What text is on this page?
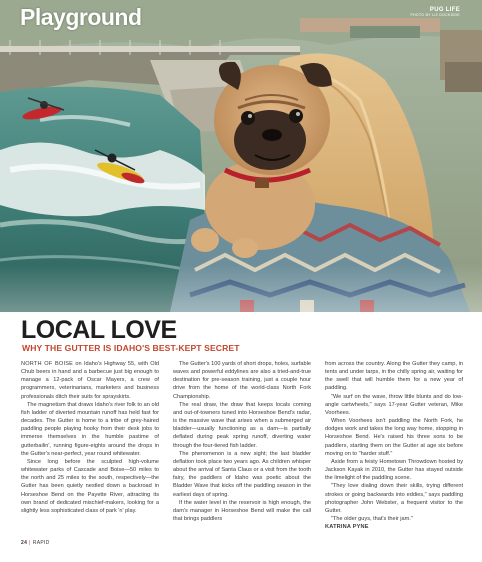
Playground	PUG LIFE
PHOTO BY LIZ DOCKSIDE
LOCAL LOVE
WHY THE GUTTER IS IDAHO'S BEST-KEPT SECRET

NORTH OF BOISE on Idaho's Highway 55, with Old Chub beers in hand and a barbecue just big enough to manage a 12-pack of Oscar Mayers, a crew of programmers, veterinarians, marketers and business professionals ditch their suits for sprayskirts.

The magnetism that draws Idaho's river folk to an old fish ladder of diverted mountain runoff has held fast for decades. The Gutter is home to a tribe of grey-haired paddling people playing hooky from their desk jobs to immerse themselves in the humble pastime of gutterbailin', running figure-eights around the drops in the Gutter's near-perfect, year round whitewater.

Since long before the sculpted high-volume whitewater parks of Cascade and Boise—50 miles to the north and 25 miles to the south, respectively—the Gutter has been quietly nestled down a backroad in Horseshoe Bend on the Payette River, attracting its own brand of dedicated mischief-makers, looking for a slightly less sophisticated class of park 'n' play.

The Gutter's 100 yards of short drops, holes, surfable waves and powerful eddylines are also a tried-and-true destination for pre-season training, just a couple hour drive from the home of the world-class North Fork Championship.

The real draw, the draw that keeps locals coming and out-of-towners tuned into Horseshoe Bend's radar, is the massive wave that arises when a submerged air bladder—usually functioning as a dam—is partially deflated during peak spring runoff, diverting water through the four-tiered fish ladder.

The phenomenon is a new sight; the last bladder deflation took place two years ago. As children whisper about the arrival of Santa Claus or a visit from the tooth fairy, the paddlers of Idaho wax poetic about the Bladder Wave that kicks off the paddling season in the earliest days of spring.

If the water level in the reservoir is high enough, the dam's manager in Horseshoe Bend will make the call that brings paddlers

from across the country. Along the Gutter they camp, in tents and under tarps, in the chilly spring air, waiting for the swell that will humble them for a new year of paddling.

"We surf on the wave, throw little blunts and do low-angle cartwheels," says 17-year Gutter veteran, Mike Voorhees.

When Voorhees isn't paddling the North Fork, he dodges work and takes the long way home, stopping in Horseshoe Bend. He's raised his three sons to be paddlers, starting them on the Gutter at age six before moving on to "harder stuff."

Aside from a feisty Hometown Throwdown hosted by Jackson Kayak in 2010, the Gutter has stayed outside the limelight of the paddling scene.

"They love dialing down their skills, trying different strokes or going backwards into eddies," says paddling photographer John Webster, a frequent visitor to the Gutter.

"The older guys, that's their jam."

KATRINA PYNE

24 | RAPID
